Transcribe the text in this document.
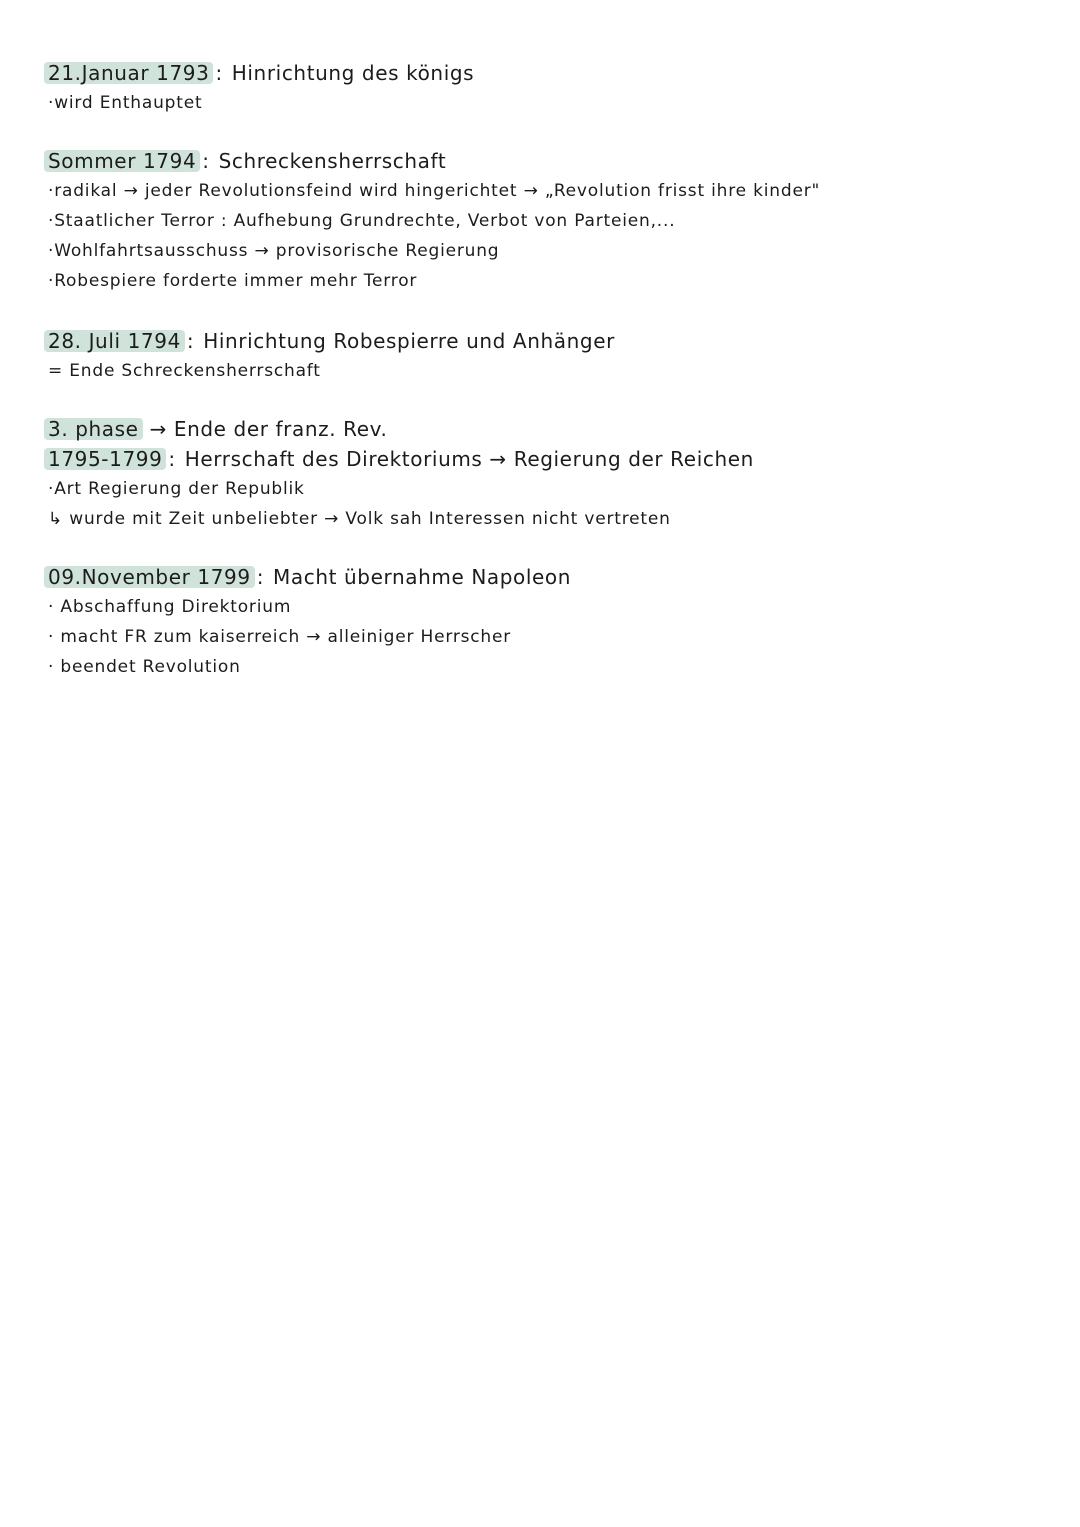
21.Januar 1793 : Hinrichtung des königs
·wird Enthauptet
Sommer 1794 : Schreckensherrschaft
·radikal → jeder Revolutionsfeind wird hingerichtet → „Revolution frisst ihre kinder"
·Staatlicher Terror : Aufhebung Grundrechte, Verbot von Parteien,...
·Wohlfahrtsausschuss → provisorische Regierung
·Robespiere forderte immer mehr Terror
28. Juli 1794 : Hinrichtung Robespierre und Anhänger
= Ende Schreckensherrschaft
3. phase → Ende der franz. Rev.
1795-1799 : Herrschaft des Direktoriums → Regierung der Reichen
·Art Regierung der Republik
↳ wurde mit Zeit unbeliebter → Volk sah Interessen nicht vertreten
09.November 1799 : Macht übernahme Napoleon
· Abschaffung Direktorium
· macht FR zum kaiserreich → alleiniger Herrscher
· beendet Revolution
